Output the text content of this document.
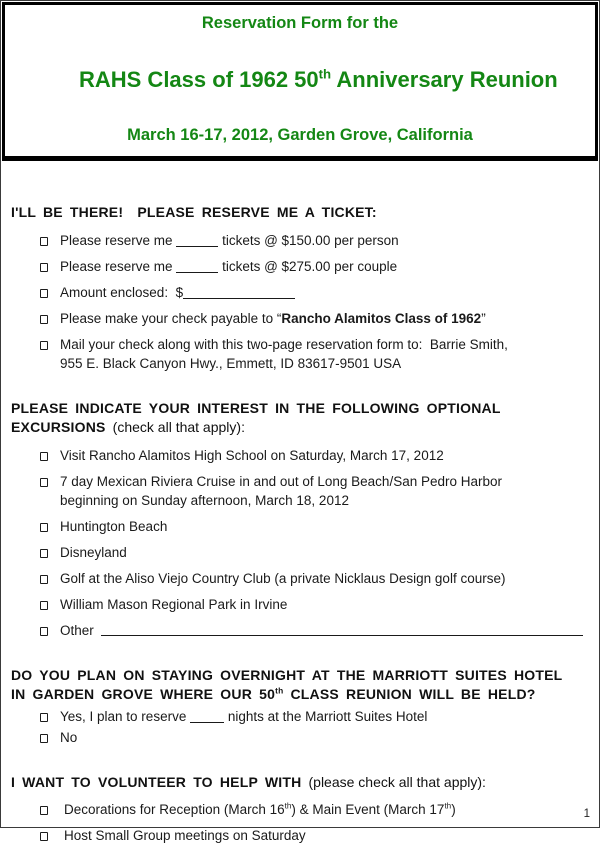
Reservation Form for the

RAHS Class of 1962 50th Anniversary Reunion

March 16-17, 2012, Garden Grove, California
I'LL BE THERE!  PLEASE RESERVE ME A TICKET:
Please reserve me	tickets @ $150.00 per person
Please reserve me	tickets @ $275.00 per couple
Amount enclosed:  $
Please make your check payable to “Rancho Alamitos Class of 1962”
Mail your check along with this two-page reservation form to:  Barrie Smith,
955 E. Black Canyon Hwy., Emmett, ID 83617-9501 USA
PLEASE INDICATE YOUR INTEREST IN THE FOLLOWING OPTIONAL
EXCURSIONS (check all that apply):
Visit Rancho Alamitos High School on Saturday, March 17, 2012
7 day Mexican Riviera Cruise in and out of Long Beach/San Pedro Harbor
beginning on Sunday afternoon, March 18, 2012
Huntington Beach
Disneyland
Golf at the Aliso Viejo Country Club (a private Nicklaus Design golf course)
William Mason Regional Park in Irvine
Other
DO YOU PLAN ON STAYING OVERNIGHT AT THE MARRIOTT SUITES HOTEL
IN GARDEN GROVE WHERE OUR 50th CLASS REUNION WILL BE HELD?
Yes, I plan to reserve	nights at the Marriott Suites Hotel
No
I WANT TO VOLUNTEER TO HELP WITH (please check all that apply):
Decorations for Reception (March 16th) & Main Event (March 17th)
Host Small Group meetings on Saturday
1
